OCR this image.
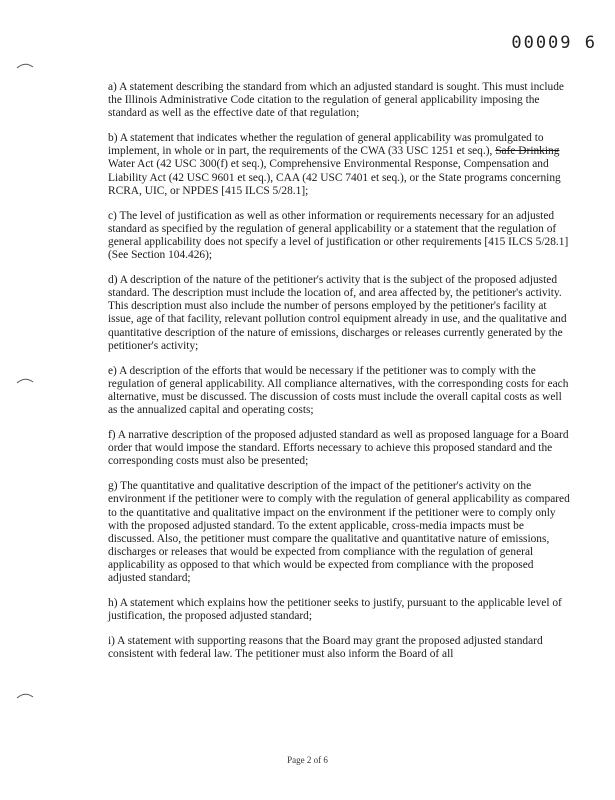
00009 6

a) A statement describing the standard from which an adjusted standard is sought. This must include the Illinois Administrative Code citation to the regulation of general applicability imposing the standard as well as the effective date of that regulation;

b) A statement that indicates whether the regulation of general applicability was promulgated to implement, in whole or in part, the requirements of the CWA (33 USC 1251 et seq.), Safe Drinking Water Act (42 USC 300(f) et seq.), Comprehensive Environmental Response, Compensation and Liability Act (42 USC 9601 et seq.), CAA (42 USC 7401 et seq.), or the State programs concerning RCRA, UIC, or NPDES [415 ILCS 5/28.1];

c) The level of justification as well as other information or requirements necessary for an adjusted standard as specified by the regulation of general applicability or a statement that the regulation of general applicability does not specify a level of justification or other requirements [415 ILCS 5/28.1] (See Section 104.426);

d) A description of the nature of the petitioner's activity that is the subject of the proposed adjusted standard. The description must include the location of, and area affected by, the petitioner's activity. This description must also include the number of persons employed by the petitioner's facility at issue, age of that facility, relevant pollution control equipment already in use, and the qualitative and quantitative description of the nature of emissions, discharges or releases currently generated by the petitioner's activity;

e) A description of the efforts that would be necessary if the petitioner was to comply with the regulation of general applicability. All compliance alternatives, with the corresponding costs for each alternative, must be discussed. The discussion of costs must include the overall capital costs as well as the annualized capital and operating costs;

f) A narrative description of the proposed adjusted standard as well as proposed language for a Board order that would impose the standard. Efforts necessary to achieve this proposed standard and the corresponding costs must also be presented;

g) The quantitative and qualitative description of the impact of the petitioner's activity on the environment if the petitioner were to comply with the regulation of general applicability as compared to the quantitative and qualitative impact on the environment if the petitioner were to comply only with the proposed adjusted standard. To the extent applicable, cross-media impacts must be discussed. Also, the petitioner must compare the qualitative and quantitative nature of emissions, discharges or releases that would be expected from compliance with the regulation of general applicability as opposed to that which would be expected from compliance with the proposed adjusted standard;

h) A statement which explains how the petitioner seeks to justify, pursuant to the applicable level of justification, the proposed adjusted standard;

i) A statement with supporting reasons that the Board may grant the proposed adjusted standard consistent with federal law. The petitioner must also inform the Board of all

Page 2 of 6
